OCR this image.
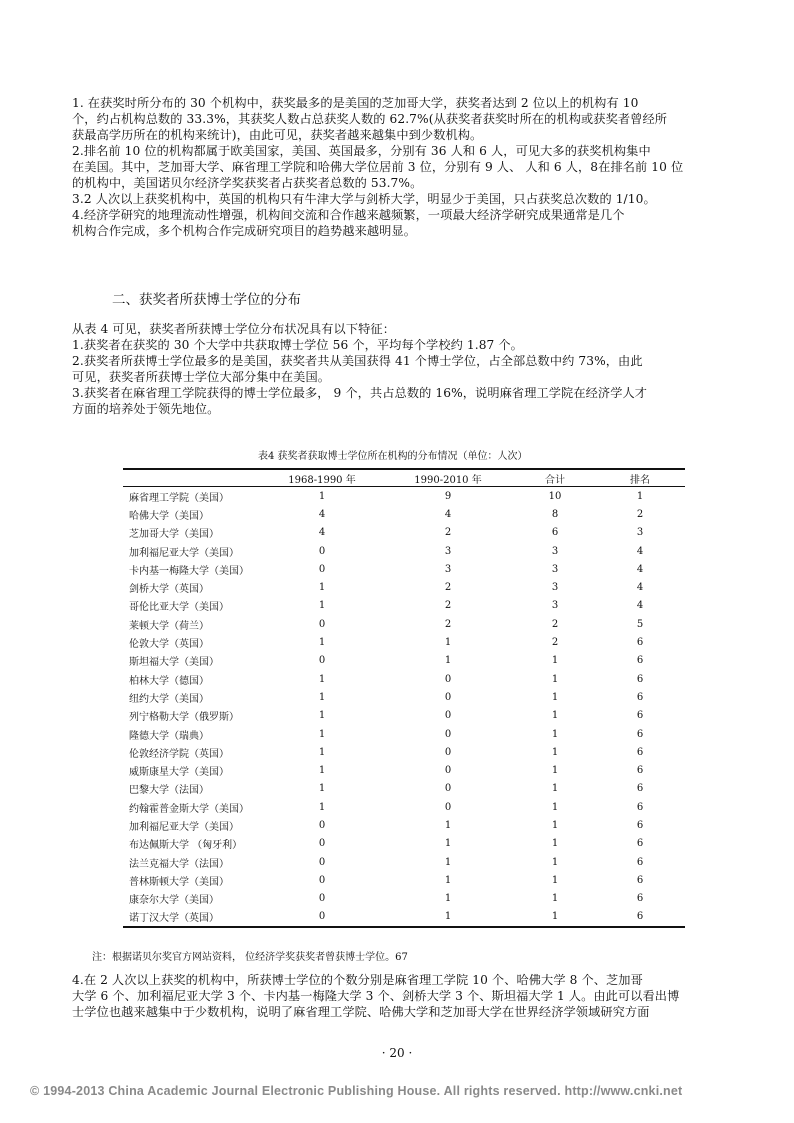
1. 在获奖时所分布的 30 个机构中，获奖最多的是美国的芝加哥大学，获奖者达到 2 位以上的机构有 10
个，约占机构总数的 33.3%，其获奖人数占总获奖人数的 62.7%(从获奖者获奖时所在的机构或获奖者曾经所
获最高学历所在的机构来统计)，由此可见，获奖者越来越集中到少数机构。
2.排名前 10 位的机构都属于欧美国家，美国、英国最多，分别有 36 人和 6 人，可见大多的获奖机构集中
在美国。其中，芝加哥大学、麻省理工学院和哈佛大学位居前 3 位，分别有 9 人、 人和 6 人，8在排名前 10 位
的机构中，美国诺贝尔经济学奖获奖者占获奖者总数的 53.7%。
3.2 人次以上获奖机构中，英国的机构只有牛津大学与剑桥大学，明显少于美国，只占获奖总次数的 1/10。
4.经济学研究的地理流动性增强，机构间交流和合作越来越频繁，一项最大经济学研究成果通常是几个
机构合作完成，多个机构合作完成研究项目的趋势越来越明显。
二、获奖者所获博士学位的分布
从表 4 可见，获奖者所获博士学位分布状况具有以下特征：
1.获奖者在获奖的 30 个大学中共获取博士学位 56 个，平均每个学校约 1.87 个。
2.获奖者所获博士学位最多的是美国，获奖者共从美国获得 41 个博士学位，占全部总数中约 73%，由此
可见，获奖者所获博士学位大部分集中在美国。
3.获奖者在麻省理工学院获得的博士学位最多， 9 个，共占总数的 16%，说明麻省理工学院在经济学人才
方面的培养处于领先地位。
表4 获奖者获取博士学位所在机构的分布情况（单位：人次）
	1968-1990 年	1990-2010 年	合计	排名
麻省理工学院（美国）	1	9	10	1
哈佛大学（美国）	4	4	8	2
芝加哥大学（美国）	4	2	6	3
加利福尼亚大学（美国）	0	3	3	4
卡内基一梅隆大学（美国）	0	3	3	4
剑桥大学（英国）	1	2	3	4
哥伦比亚大学（美国）	1	2	3	4
莱顿大学（荷兰）	0	2	2	5
伦敦大学（英国）	1	1	2	6
斯坦福大学（美国）	0	1	1	6
柏林大学（德国）	1	0	1	6
纽约大学（美国）	1	0	1	6
列宁格勒大学（俄罗斯）	1	0	1	6
隆德大学（瑞典）	1	0	1	6
伦敦经济学院（英国）	1	0	1	6
威斯康星大学（美国）	1	0	1	6
巴黎大学（法国）	1	0	1	6
约翰霍普金斯大学（美国）	1	0	1	6
加利福尼亚大学（美国）	0	1	1	6
布达佩斯大学 （匈牙利）	0	1	1	6
法兰克福大学（法国）	0	1	1	6
普林斯顿大学（美国）	0	1	1	6
康奈尔大学（美国）	0	1	1	6
诺丁汉大学（英国）	0	1	1	6
注：根据诺贝尔奖官方网站资料， 位经济学奖获奖者曾获博士学位。67
4.在 2 人次以上获奖的机构中，所获博士学位的个数分别是麻省理工学院 10 个、哈佛大学 8 个、芝加哥
大学 6 个、加利福尼亚大学 3 个、卡内基一梅隆大学 3 个、剑桥大学 3 个、斯坦福大学 1 人。由此可以看出博
士学位也越来越集中于少数机构，说明了麻省理工学院、哈佛大学和芝加哥大学在世界经济学领域研究方面
· 20 ·
© 1994-2013 China Academic Journal Electronic Publishing House. All rights reserved. http://www.cnki.net
